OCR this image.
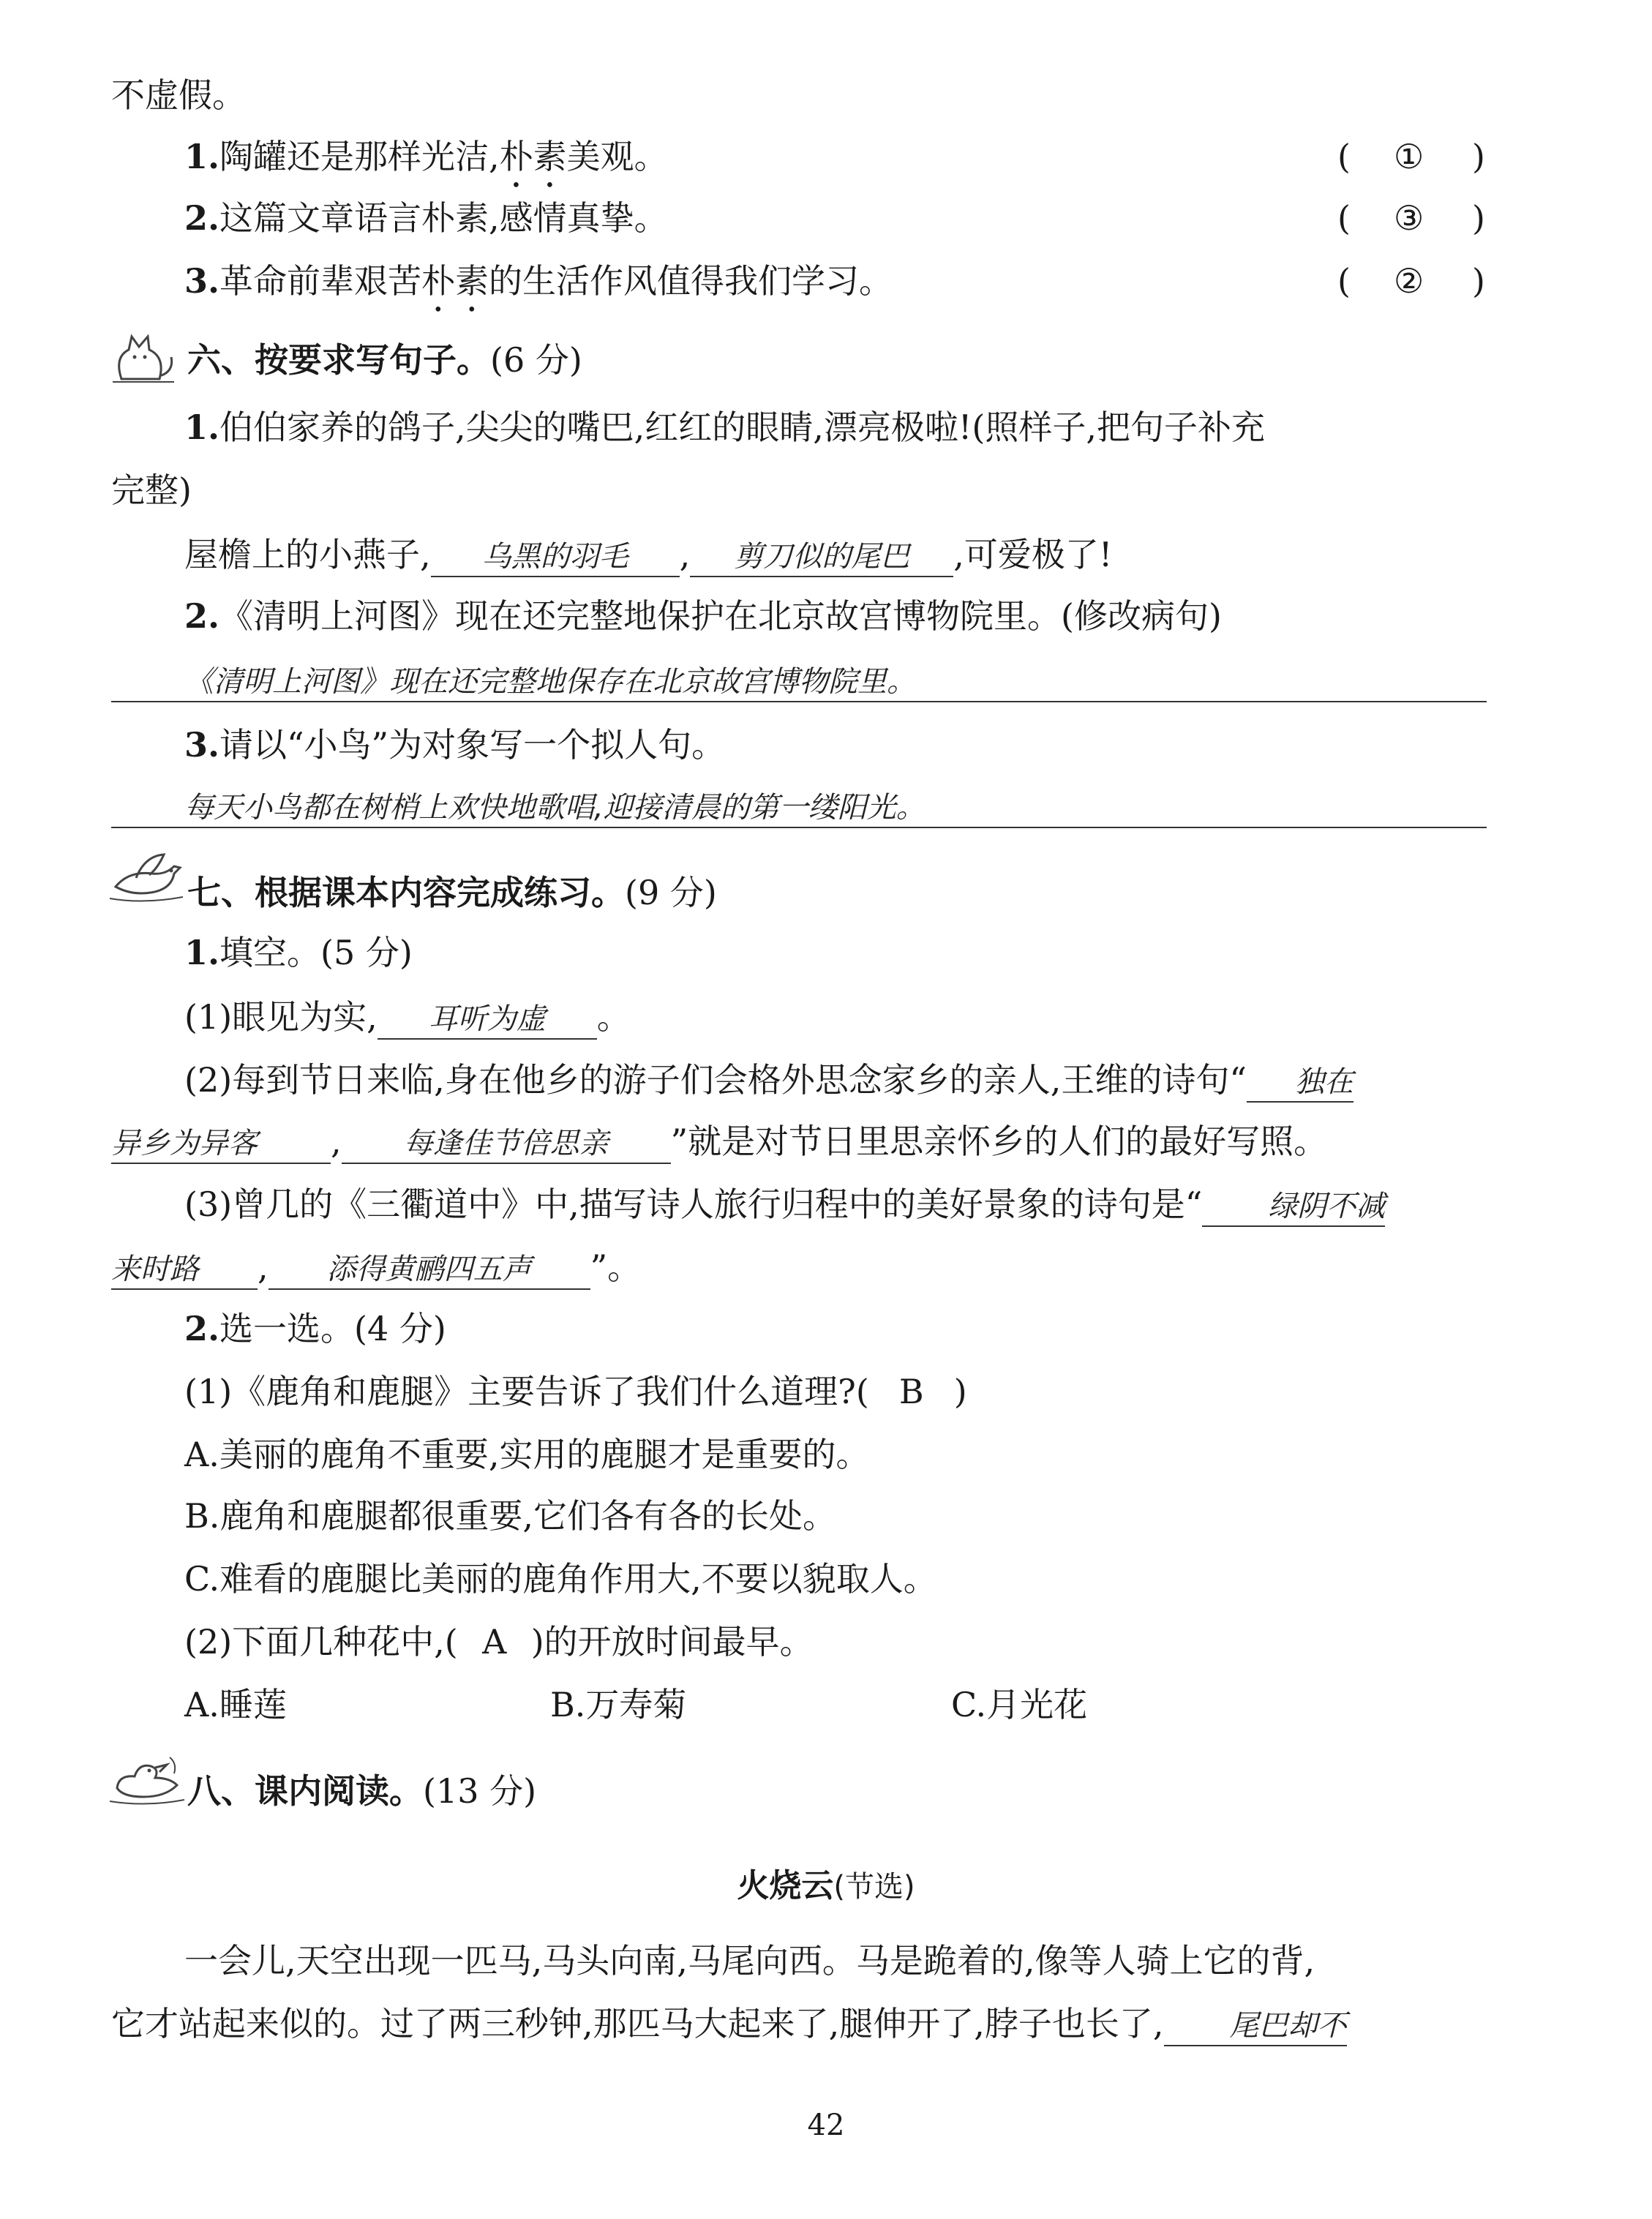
不虚假。
1.陶罐还是那样光洁,朴素美观。	( ① )
2.这篇文章语言朴素,感情真挚。	( ③ )
3.革命前辈艰苦朴素的生活作风值得我们学习。	( ② )
六、按要求写句子。(6 分)
1.伯伯家养的鸽子,尖尖的嘴巴,红红的眼睛,漂亮极啦!(照样子,把句子补充
完整)
屋檐上的小燕子, 乌黑的羽毛 , 剪刀似的尾巴 ,可爱极了!
2.《清明上河图》现在还完整地保护在北京故宫博物院里。(修改病句)
《清明上河图》现在还完整地保存在北京故宫博物院里。
3.请以“小鸟”为对象写一个拟人句。
每天小鸟都在树梢上欢快地歌唱,迎接清晨的第一缕阳光。
七、根据课本内容完成练习。(9 分)
1.填空。(5 分)
(1)眼见为实, 耳听为虚 。
(2)每到节日来临,身在他乡的游子们会格外思念家乡的亲人,王维的诗句“ 独在
异乡为异客 , 每逢佳节倍思亲 ”就是对节日里思亲怀乡的人们的最好写照。
(3)曾几的《三衢道中》中,描写诗人旅行归程中的美好景象的诗句是“ 绿阴不减
来时路 , 添得黄鹂四五声 ”。
2.选一选。(4 分)
(1)《鹿角和鹿腿》主要告诉了我们什么道理?( B )
A.美丽的鹿角不重要,实用的鹿腿才是重要的。
B.鹿角和鹿腿都很重要,它们各有各的长处。
C.难看的鹿腿比美丽的鹿角作用大,不要以貌取人。
(2)下面几种花中,( A )的开放时间最早。
A.睡莲	B.万寿菊	C.月光花
八、课内阅读。(13 分)
火烧云(节选)
一会儿,天空出现一匹马,马头向南,马尾向西。马是跪着的,像等人骑上它的背,
它才站起来似的。过了两三秒钟,那匹马大起来了,腿伸开了,脖子也长了, 尾巴却不
42
